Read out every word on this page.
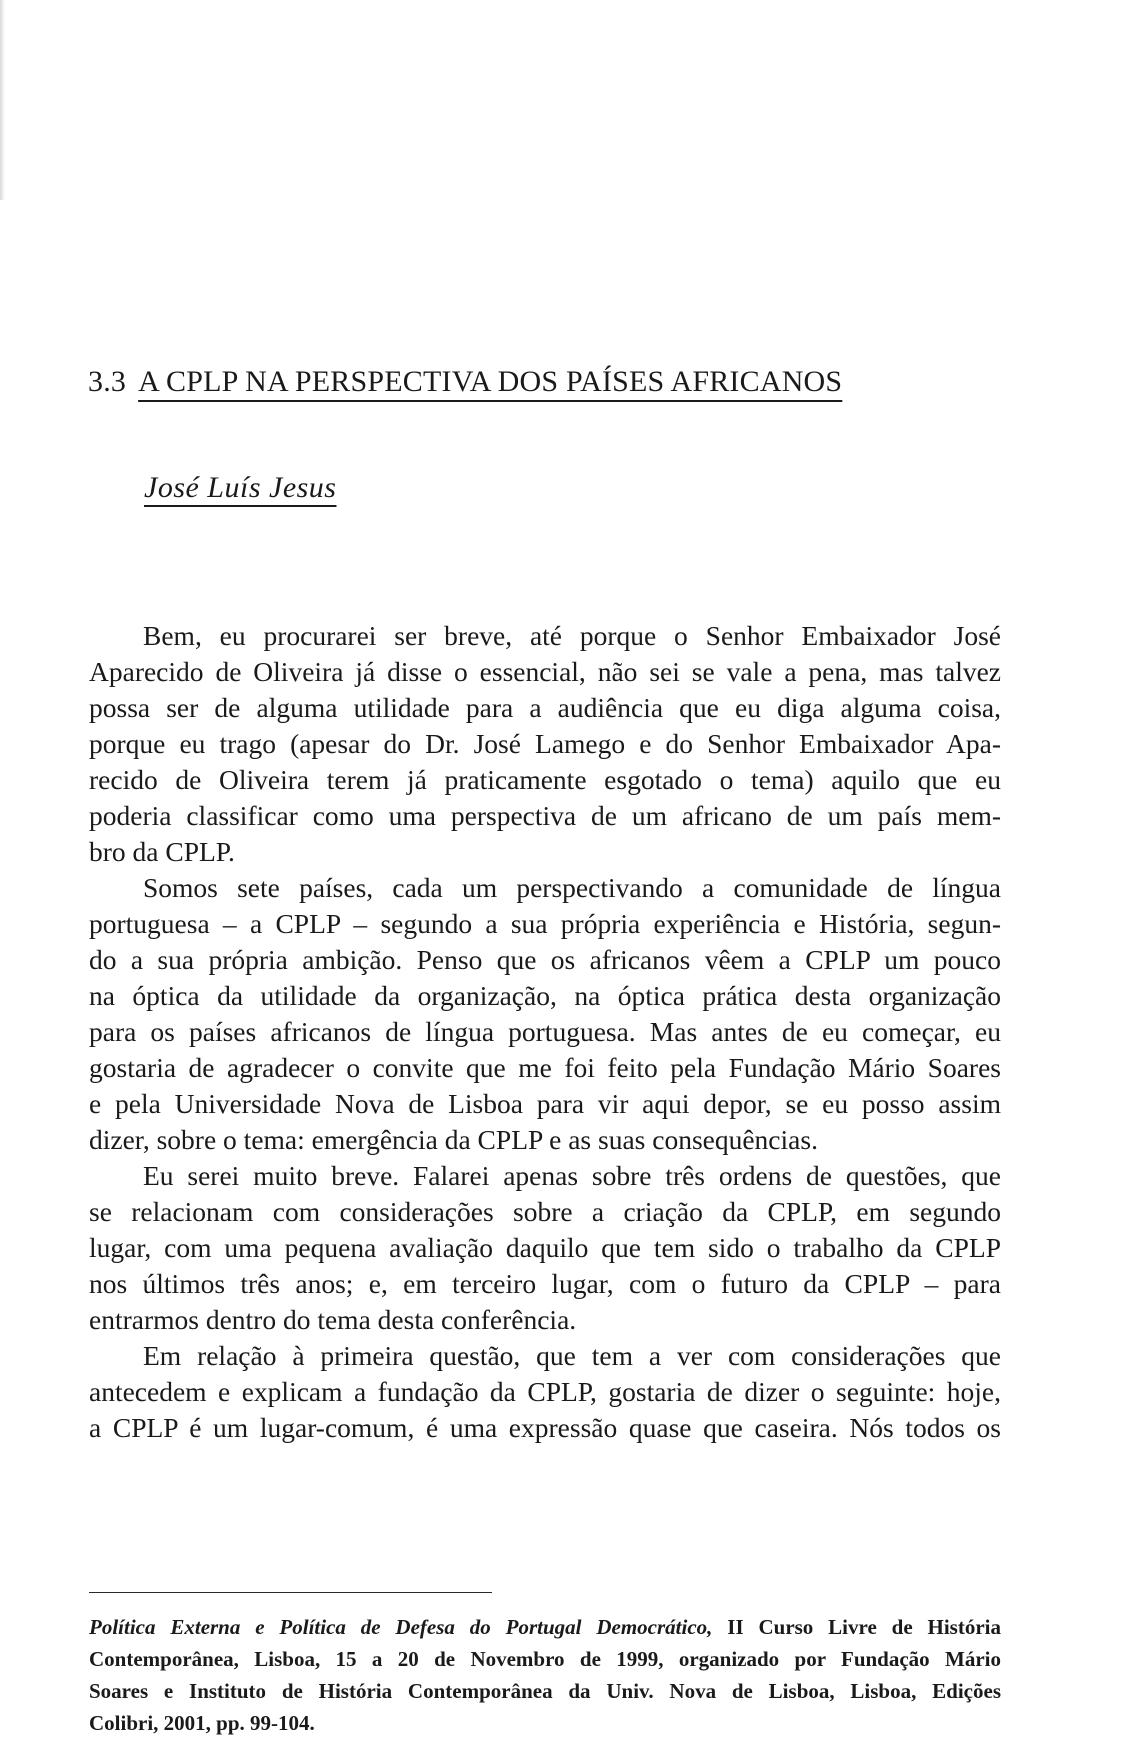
3.3 A CPLP NA PERSPECTIVA DOS PAÍSES AFRICANOS
José Luís Jesus
Bem, eu procurarei ser breve, até porque o Senhor Embaixador José
Aparecido de Oliveira já disse o essencial, não sei se vale a pena, mas talvez
possa ser de alguma utilidade para a audiência que eu diga alguma coisa,
porque eu trago (apesar do Dr. José Lamego e do Senhor Embaixador Apa-
recido de Oliveira terem já praticamente esgotado o tema) aquilo que eu
poderia classificar como uma perspectiva de um africano de um país mem-
bro da CPLP.
Somos sete países, cada um perspectivando a comunidade de língua
portuguesa – a CPLP – segundo a sua própria experiência e História, segun-
do a sua própria ambição. Penso que os africanos vêem a CPLP um pouco
na óptica da utilidade da organização, na óptica prática desta organização
para os países africanos de língua portuguesa. Mas antes de eu começar, eu
gostaria de agradecer o convite que me foi feito pela Fundação Mário Soares
e pela Universidade Nova de Lisboa para vir aqui depor, se eu posso assim
dizer, sobre o tema: emergência da CPLP e as suas consequências.
Eu serei muito breve. Falarei apenas sobre três ordens de questões, que
se relacionam com considerações sobre a criação da CPLP, em segundo
lugar, com uma pequena avaliação daquilo que tem sido o trabalho da CPLP
nos últimos três anos; e, em terceiro lugar, com o futuro da CPLP – para
entrarmos dentro do tema desta conferência.
Em relação à primeira questão, que tem a ver com considerações que
antecedem e explicam a fundação da CPLP, gostaria de dizer o seguinte: hoje,
a CPLP é um lugar-comum, é uma expressão quase que caseira. Nós todos os
Política Externa e Política de Defesa do Portugal Democrático, II Curso Livre de História
Contemporânea, Lisboa, 15 a 20 de Novembro de 1999, organizado por Fundação Mário
Soares e Instituto de História Contemporânea da Univ. Nova de Lisboa, Lisboa, Edições
Colibri, 2001, pp. 99-104.
